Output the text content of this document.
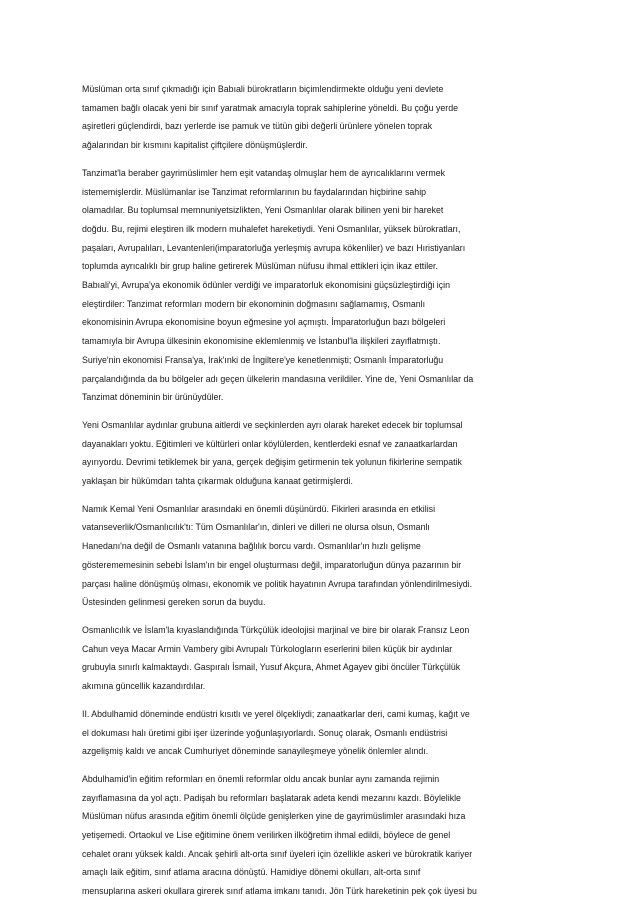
Müslüman orta sınıf çıkmadığı için Babıali bürokratların biçimlendirmekte olduğu yeni devlete
tamamen bağlı olacak yeni bir sınıf yaratmak amacıyla toprak sahiplerine yöneldi. Bu çoğu yerde
aşiretleri güçlendirdi, bazı yerlerde ise pamuk ve tütün gibi değerli ürünlere yönelen toprak
ağalarından bir kısmını kapitalist çiftçilere dönüşmüşlerdir.
Tanzimat'la beraber gayrimüslimler hem eşit vatandaş olmuşlar hem de ayrıcalıklarını vermek
istememişlerdir. Müslümanlar ise Tanzimat reformlarının bu faydalarından hiçbirine sahip
olamadılar. Bu toplumsal memnuniyetsizlikten, Yeni Osmanlılar olarak bilinen yeni bir hareket
doğdu. Bu, rejimi eleştiren ilk modern muhalefet hareketiydi. Yeni Osmanlılar, yüksek bürokratları,
paşaları, Avrupalıları, Levantenleri(imparatorluğa yerleşmiş avrupa kökenliler) ve bazı Hıristiyanları
toplumda ayrıcalıklı bir grup haline getirerek Müslüman nüfusu ihmal ettikleri için ikaz ettiler.
Babıali'yi, Avrupa'ya ekonomik ödünler verdiği ve imparatorluk ekonomisini güçsüzleştirdiği için
eleştirdiler: Tanzimat reformları modern bir ekonominin doğmasını sağlamamış, Osmanlı
ekonomisinin Avrupa ekonomisine boyun eğmesine yol açmıştı. İmparatorluğun bazı bölgeleri
tamamıyla bir Avrupa ülkesinin ekonomisine eklemlenmiş ve İstanbul'la ilişkileri zayıflatmıştı.
Suriye'nin ekonomisi Fransa'ya, Irak'ınki de İngiltere'ye kenetlenmişti; Osmanlı İmparatorluğu
parçalandığında da bu bölgeler adı geçen ülkelerin mandasına verildiler. Yine de, Yeni Osmanlılar da
Tanzimat döneminin bir ürünüydüler.
Yeni Osmanlılar aydınlar grubuna aitlerdi ve seçkinlerden ayrı olarak hareket edecek bir toplumsal
dayanakları yoktu. Eğitimleri ve kültürleri onlar köylülerden, kentlerdeki esnaf ve zanaatkarlardan
ayırıyordu. Devrimi tetiklemek bir yana, gerçek değişim getirmenin tek yolunun fikirlerine sempatik
yaklaşan bir hükümdarı tahta çıkarmak olduğuna kanaat getirmişlerdi.
Namık Kemal Yeni Osmanlılar arasındaki en önemli düşünürdü. Fikirleri arasında en etkilisi
vatanseverlik/Osmanlıcılık'tı: Tüm Osmanlılar'ın, dinleri ve dilleri ne olursa olsun, Osmanlı
Hanedanı'na değil de Osmanlı vatanına bağlılık borcu vardı. Osmanlılar'ın hızlı gelişme
gösterememesinin sebebi İslam'ın bir engel oluşturması değil, imparatorluğun dünya pazarının bir
parçası haline dönüşmüş olması, ekonomik ve politik hayatının Avrupa tarafından yönlendirilmesiydi.
Üstesinden gelinmesi gereken sorun da buydu.
Osmanlıcılık ve İslam'la kıyaslandığında Türkçülük ideolojisi marjinal ve bire bir olarak Fransız Leon
Cahun veya Macar Armin Vambery gibi Avrupalı Türkologların eserlerini bilen küçük bir aydınlar
grubuyla sınırlı kalmaktaydı. Gaspıralı İsmail, Yusuf Akçura, Ahmet Agayev gibi öncüler Türkçülük
akımına güncellik kazandırdılar.
II. Abdulhamid döneminde endüstri kısıtlı ve yerel ölçekliydi; zanaatkarlar deri, cami kumaş, kağıt ve
el dokuması halı üretimi gibi işer üzerinde yoğunlaşıyorlardı. Sonuç olarak, Osmanlı endüstrisi
azgelişmiş kaldı ve ancak Cumhuriyet döneminde sanayileşmeye yönelik önlemler alındı.
Abdulhamid'in eğitim reformları en önemli reformlar oldu ancak bunlar aynı zamanda rejimin
zayıflamasına da yol açtı. Padişah bu reformları başlatarak adeta kendi mezarını kazdı. Böylelikle
Müslüman nüfus arasında eğitim önemli ölçüde genişlerken yine de gayrimüslimler arasındaki hıza
yetişemedi. Ortaokul ve Lise eğitimine önem verilirken ilköğretim ihmal edildi, böylece de genel
cehalet oranı yüksek kaldı. Ancak şehirli alt-orta sınıf üyeleri için özellikle askeri ve bürokratik kariyer
amaçlı laik eğitim, sınıf atlama aracına dönüştü. Hamidiye dönemi okulları, alt-orta sınıf
mensuplarına askeri okullara girerek sınıf atlama imkanı tanıdı. Jön Türk hareketinin pek çok üyesi bu
